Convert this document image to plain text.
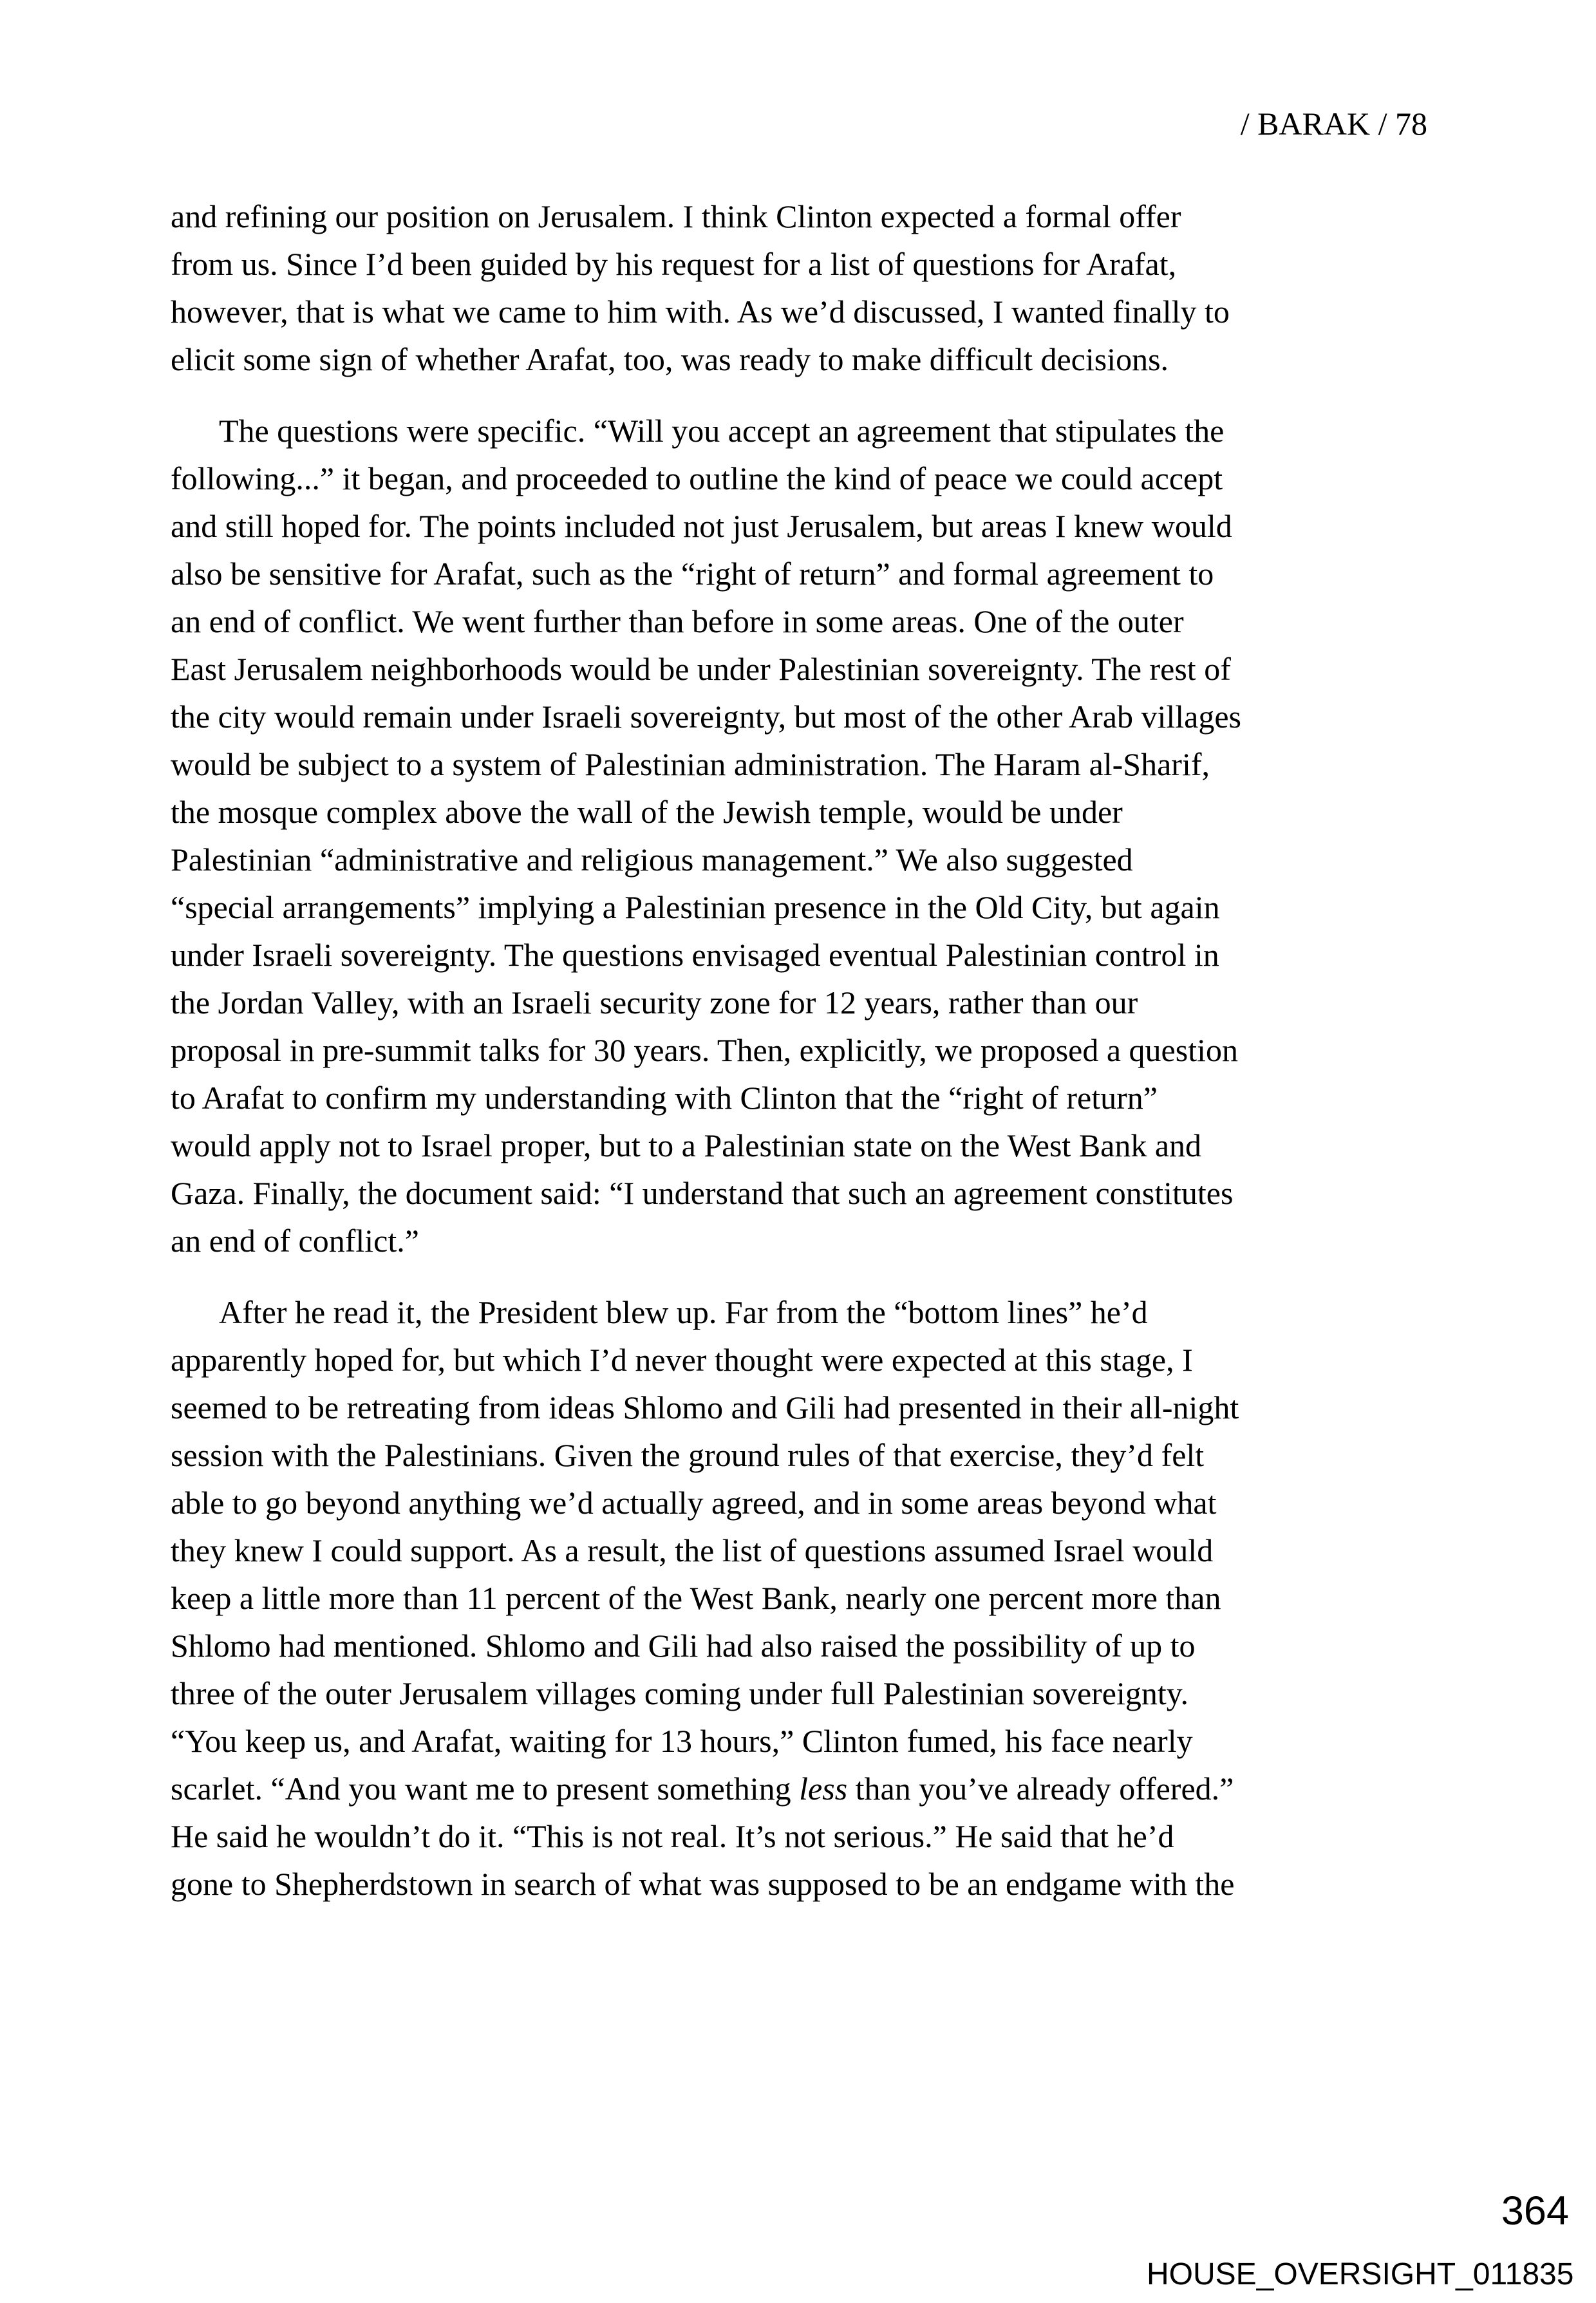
/ BARAK / 78
and refining our position on Jerusalem. I think Clinton expected a formal offer
from us. Since I’d been guided by his request for a list of questions for Arafat,
however, that is what we came to him with. As we’d discussed, I wanted finally to
elicit some sign of whether Arafat, too, was ready to make difficult decisions.
The questions were specific. “Will you accept an agreement that stipulates the
following...” it began, and proceeded to outline the kind of peace we could accept
and still hoped for. The points included not just Jerusalem, but areas I knew would
also be sensitive for Arafat, such as the “right of return” and formal agreement to
an end of conflict. We went further than before in some areas. One of the outer
East Jerusalem neighborhoods would be under Palestinian sovereignty. The rest of
the city would remain under Israeli sovereignty, but most of the other Arab villages
would be subject to a system of Palestinian administration. The Haram al-Sharif,
the mosque complex above the wall of the Jewish temple, would be under
Palestinian “administrative and religious management.” We also suggested
“special arrangements” implying a Palestinian presence in the Old City, but again
under Israeli sovereignty. The questions envisaged eventual Palestinian control in
the Jordan Valley, with an Israeli security zone for 12 years, rather than our
proposal in pre-summit talks for 30 years. Then, explicitly, we proposed a question
to Arafat to confirm my understanding with Clinton that the “right of return”
would apply not to Israel proper, but to a Palestinian state on the West Bank and
Gaza. Finally, the document said: “I understand that such an agreement constitutes
an end of conflict.”
After he read it, the President blew up. Far from the “bottom lines” he’d
apparently hoped for, but which I’d never thought were expected at this stage, I
seemed to be retreating from ideas Shlomo and Gili had presented in their all-night
session with the Palestinians. Given the ground rules of that exercise, they’d felt
able to go beyond anything we’d actually agreed, and in some areas beyond what
they knew I could support. As a result, the list of questions assumed Israel would
keep a little more than 11 percent of the West Bank, nearly one percent more than
Shlomo had mentioned. Shlomo and Gili had also raised the possibility of up to
three of the outer Jerusalem villages coming under full Palestinian sovereignty.
“You keep us, and Arafat, waiting for 13 hours,” Clinton fumed, his face nearly
scarlet. “And you want me to present something less than you’ve already offered.”
He said he wouldn’t do it. “This is not real. It’s not serious.” He said that he’d
gone to Shepherdstown in search of what was supposed to be an endgame with the
364
HOUSE_OVERSIGHT_011835
